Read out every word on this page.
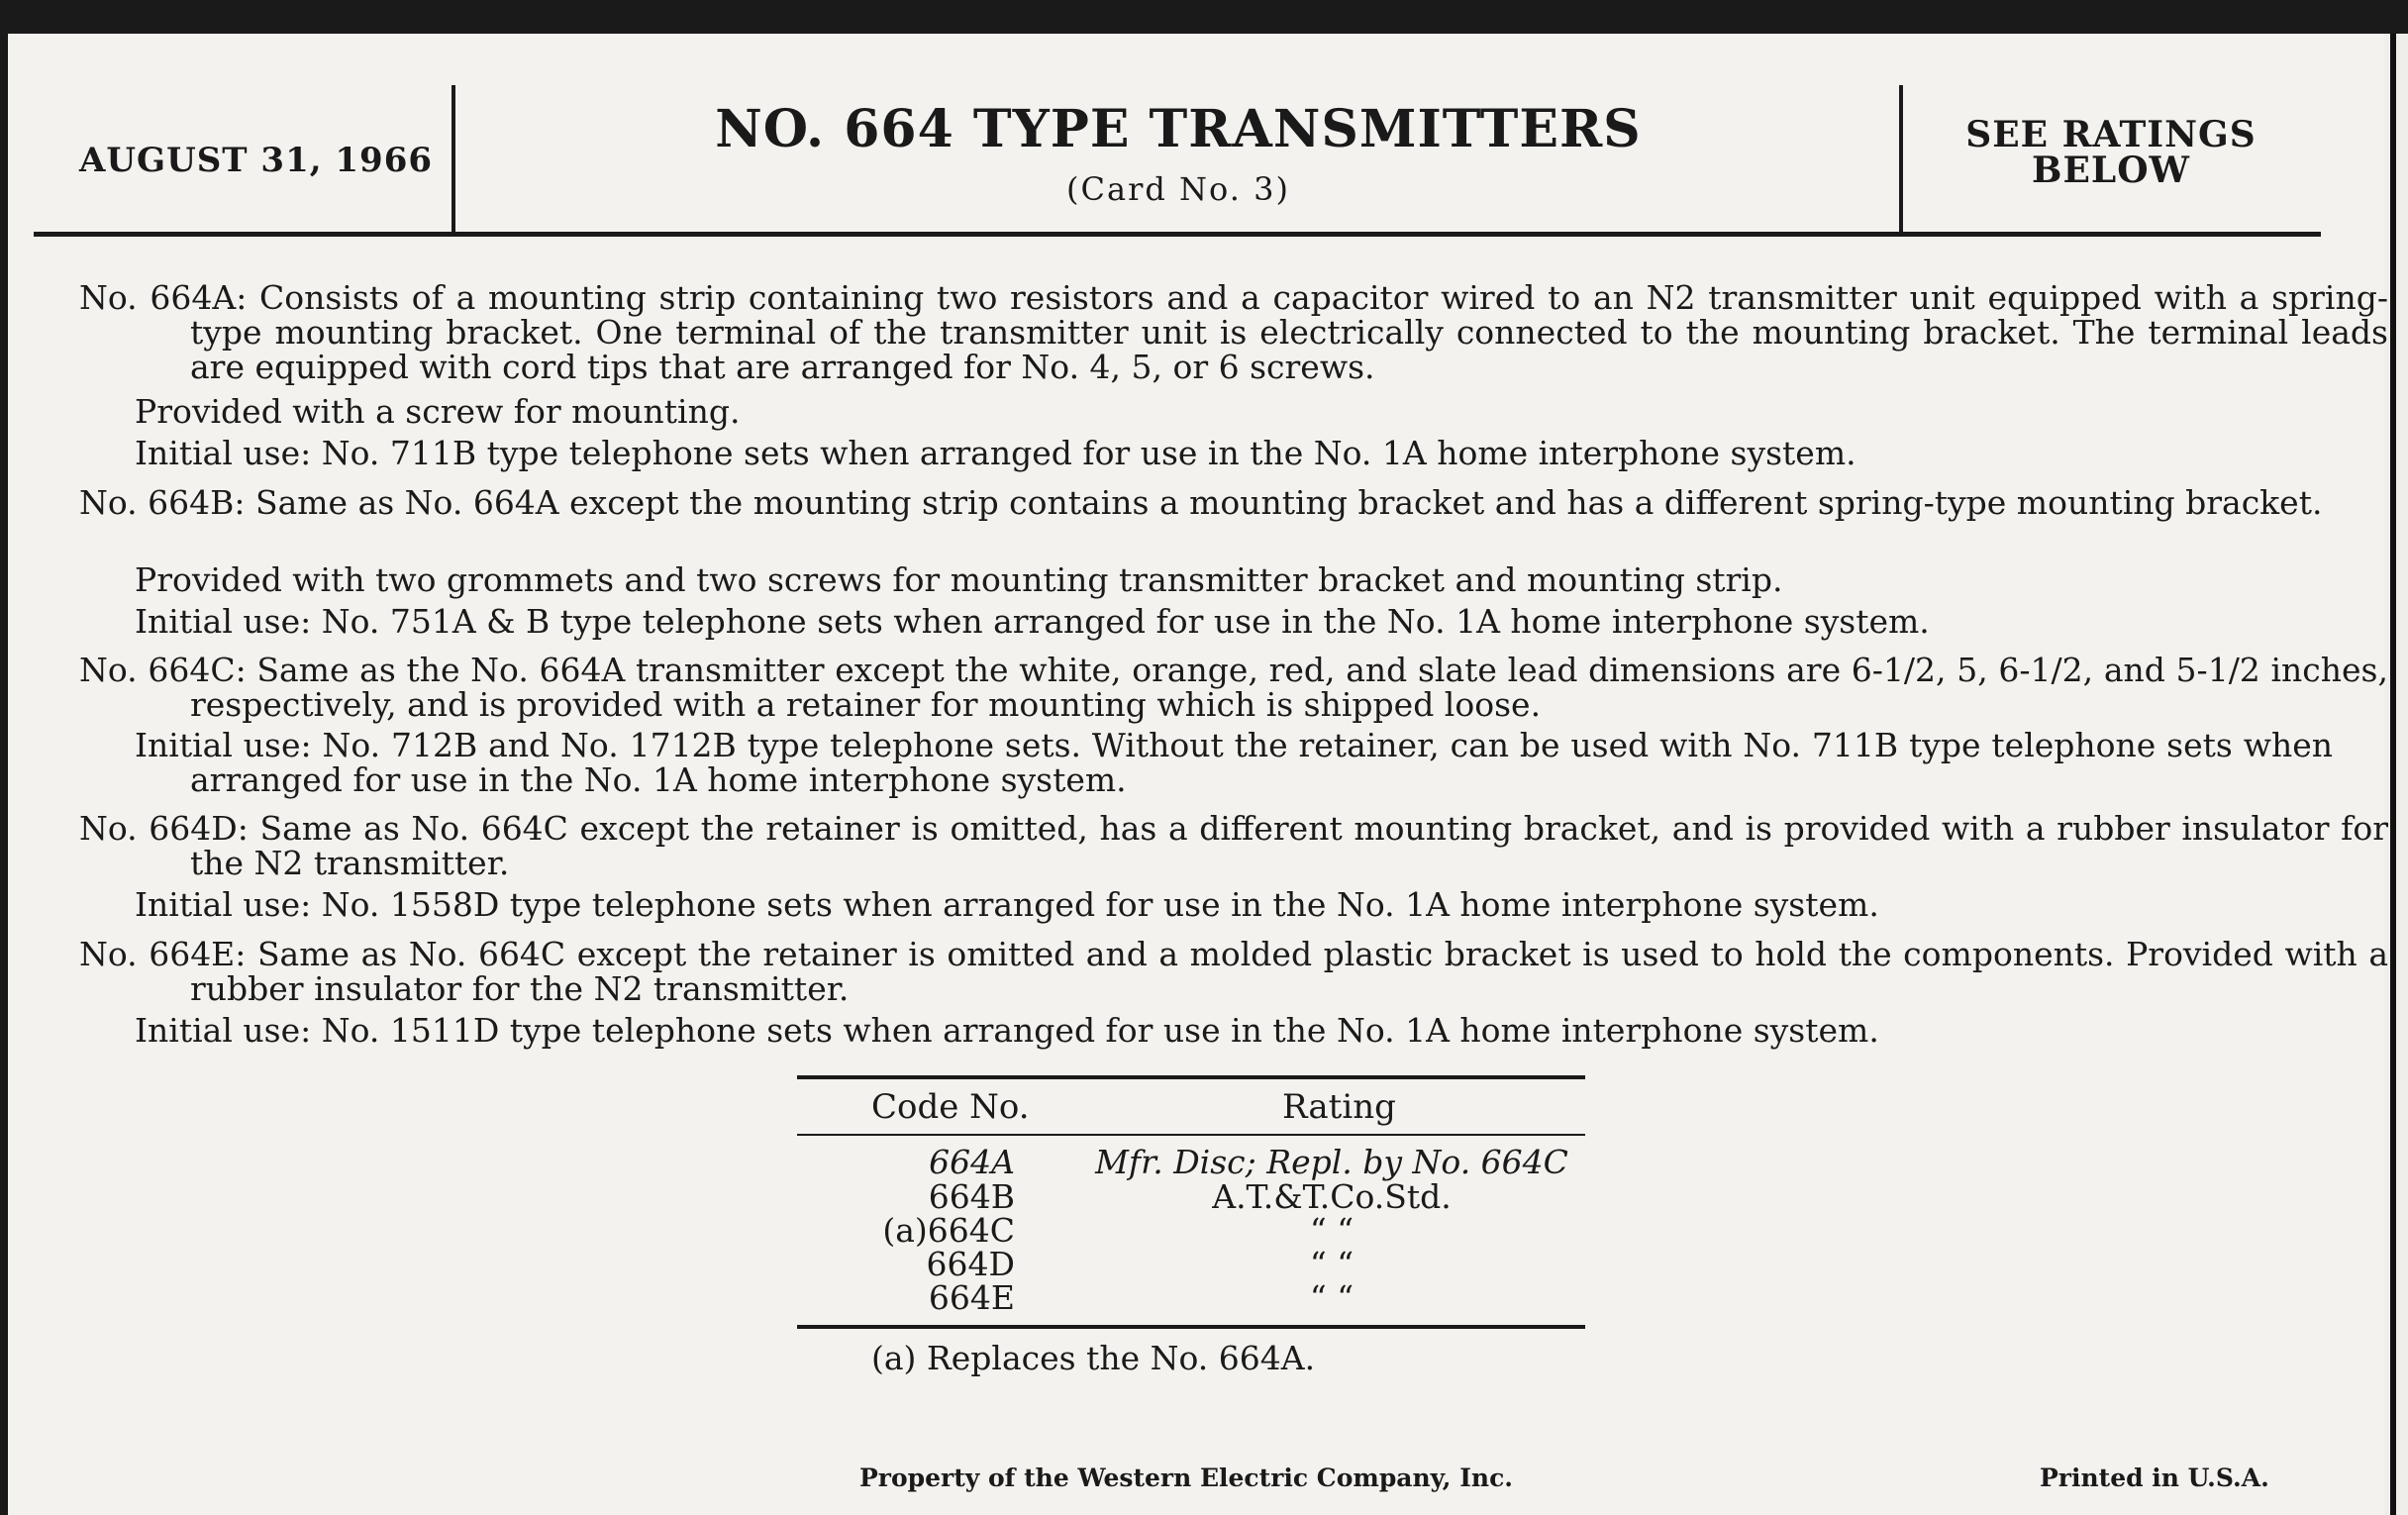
AUGUST 31, 1966
NO. 664 TYPE TRANSMITTERS
(Card No. 3)
SEE RATINGS
BELOW
No. 664A: Consists of a mounting strip containing two resistors and a capacitor wired to an N2 transmitter unit equipped with a spring-type mounting bracket. One terminal of the transmitter unit is electrically connected to the mounting bracket. The terminal leads are equipped with cord tips that are arranged for No. 4, 5, or 6 screws.
Provided with a screw for mounting.
Initial use: No. 711B type telephone sets when arranged for use in the No. 1A home interphone system.
No. 664B: Same as No. 664A except the mounting strip contains a mounting bracket and has a different spring-type mounting bracket.
Provided with two grommets and two screws for mounting transmitter bracket and mounting strip.
Initial use: No. 751A & B type telephone sets when arranged for use in the No. 1A home interphone system.
No. 664C: Same as the No. 664A transmitter except the white, orange, red, and slate lead dimensions are 6-1/2, 5, 6-1/2, and 5-1/2 inches, respectively, and is provided with a retainer for mounting which is shipped loose.
Initial use: No. 712B and No. 1712B type telephone sets. Without the retainer, can be used with No. 711B type telephone sets when arranged for use in the No. 1A home interphone system.
No. 664D: Same as No. 664C except the retainer is omitted, has a different mounting bracket, and is provided with a rubber insulator for the N2 transmitter.
Initial use: No. 1558D type telephone sets when arranged for use in the No. 1A home interphone system.
No. 664E: Same as No. 664C except the retainer is omitted and a molded plastic bracket is used to hold the components. Provided with a rubber insulator for the N2 transmitter.
Initial use: No. 1511D type telephone sets when arranged for use in the No. 1A home interphone system.
Code No.	Rating
664A	Mfr. Disc; Repl. by No. 664C
664B	A.T.&T.Co.Std.
(a)664C	“ “
664D	“ “
664E	“ “
(a) Replaces the No. 664A.
Property of the Western Electric Company, Inc.	Printed in U.S.A.
